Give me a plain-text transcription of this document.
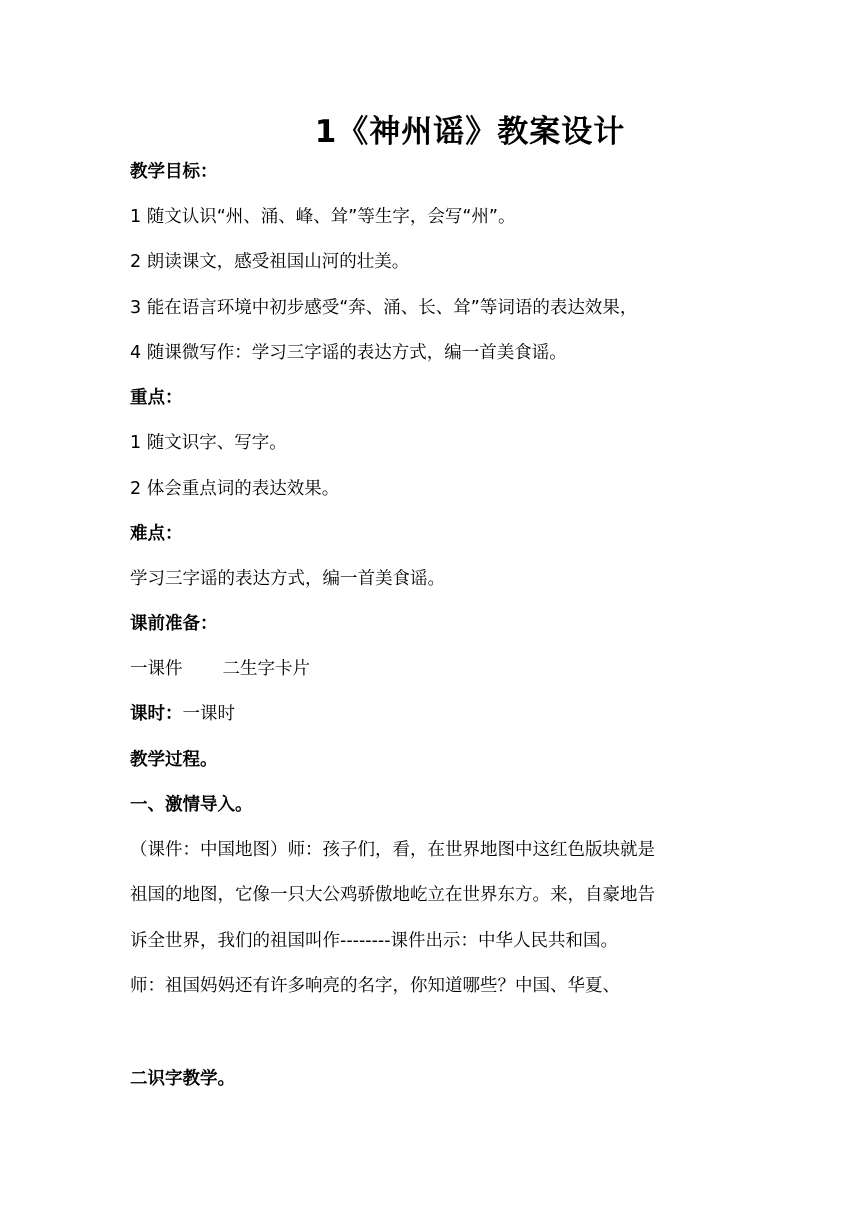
1《神州谣》教案设计
教学目标：
1 随文认识“州、涌、峰、耸”等生字，会写“州”。
2 朗读课文，感受祖国山河的壮美。
3 能在语言环境中初步感受“奔、涌、长、耸”等词语的表达效果，
4 随课微写作：学习三字谣的表达方式，编一首美食谣。
重点：
1 随文识字、写字。
2 体会重点词的表达效果。
难点：
学习三字谣的表达方式，编一首美食谣。
课前准备：
一课件 二生字卡片
课时：一课时
教学过程。
一、激情导入。
（课件：中国地图）师：孩子们，看，在世界地图中这红色版块就是
祖国的地图，它像一只大公鸡骄傲地屹立在世界东方。来，自豪地告
诉全世界，我们的祖国叫作--------课件出示：中华人民共和国。
师：祖国妈妈还有许多响亮的名字，你知道哪些？中国、华夏、
二识字教学。
